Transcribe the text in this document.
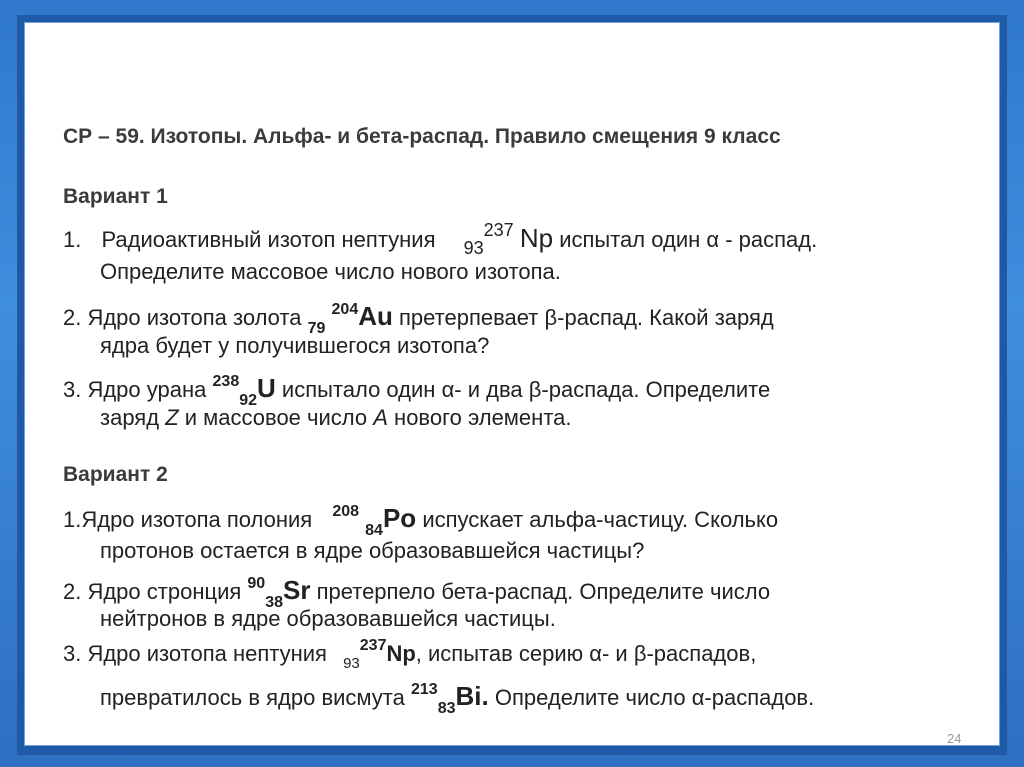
СР – 59. Изотопы. Альфа- и бета-распад. Правило смещения 9 класс
Вариант 1
1. Радиоактивный изотоп нептуния $_{93}^{237}$ Np испытал один α - распад.
Определите массовое число нового изотопа.
2. Ядро изотопа золота $_{79}$ $^{204}$Au претерпевает β-распад. Какой заряд
ядра будет у получившегося изотопа?
3. Ядро урана $^{238}_{92}$U испытало один α- и два β-распада. Определите
заряд Z и массовое число A нового элемента.
Вариант 2
1.Ядро изотопа полония $^{208}$ $_{84}$Po испускает альфа-частицу. Сколько
протонов остается в ядре образовавшейся частицы?
2. Ядро стронция $^{90}_{38}$Sr претерпело бета-распад. Определите число
нейтронов в ядре образовавшейся частицы.
3. Ядро изотопа нептуния $_{93}^{237}$Np, испытав серию α- и β-распадов,
превратилось в ядро висмута $^{213}_{83}$Bi. Определите число α-распадов.
24
